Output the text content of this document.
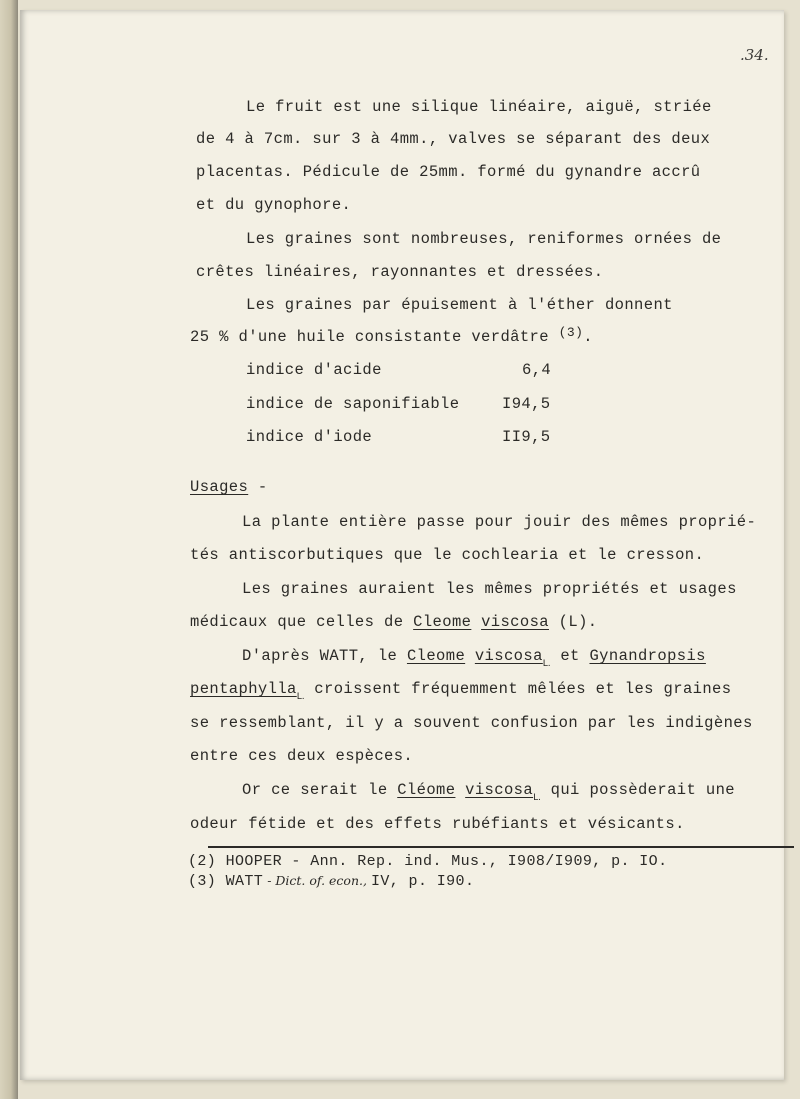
.34.

Le fruit est une silique linéaire, aiguë, striée

de 4 à 7cm. sur 3 à 4mm., valves se séparant des deux

placentas. Pédicule de 25mm. formé du gynandre accrû

et du gynophore.

Les graines sont nombreuses, reniformes ornées de

crêtes linéaires, rayonnantes et dressées.

Les graines par épuisement à l'éther donnent

25 % d'une huile consistante verdâtre $^{(3)}$.

indice d'acide	6,4

indice de saponifiable	I94,5

indice d'iode	II9,5

Usages -

La plante entière passe pour jouir des mêmes proprié-

tés antiscorbutiques que le cochlearia et le cresson.

Les graines auraient les mêmes propriétés et usages

médicaux que celles de Cleome viscosa (L).

D'après WATT, le Cleome viscosa$_{L.}$ et Gynandropsis

pentaphylla$_{L.}$ croissent fréquemment mêlées et les graines

se ressemblant, il y a souvent confusion par les indigènes

entre ces deux espèces.

Or ce serait le Cléome viscosa$_{L.}$ qui possèderait une

odeur fétide et des effets rubéfiants et vésicants.

(2) HOOPER - Ann. Rep. ind. Mus., I908/I909, p. IO.

(3) WATT - Dict. of. econ., IV, p. I90.
